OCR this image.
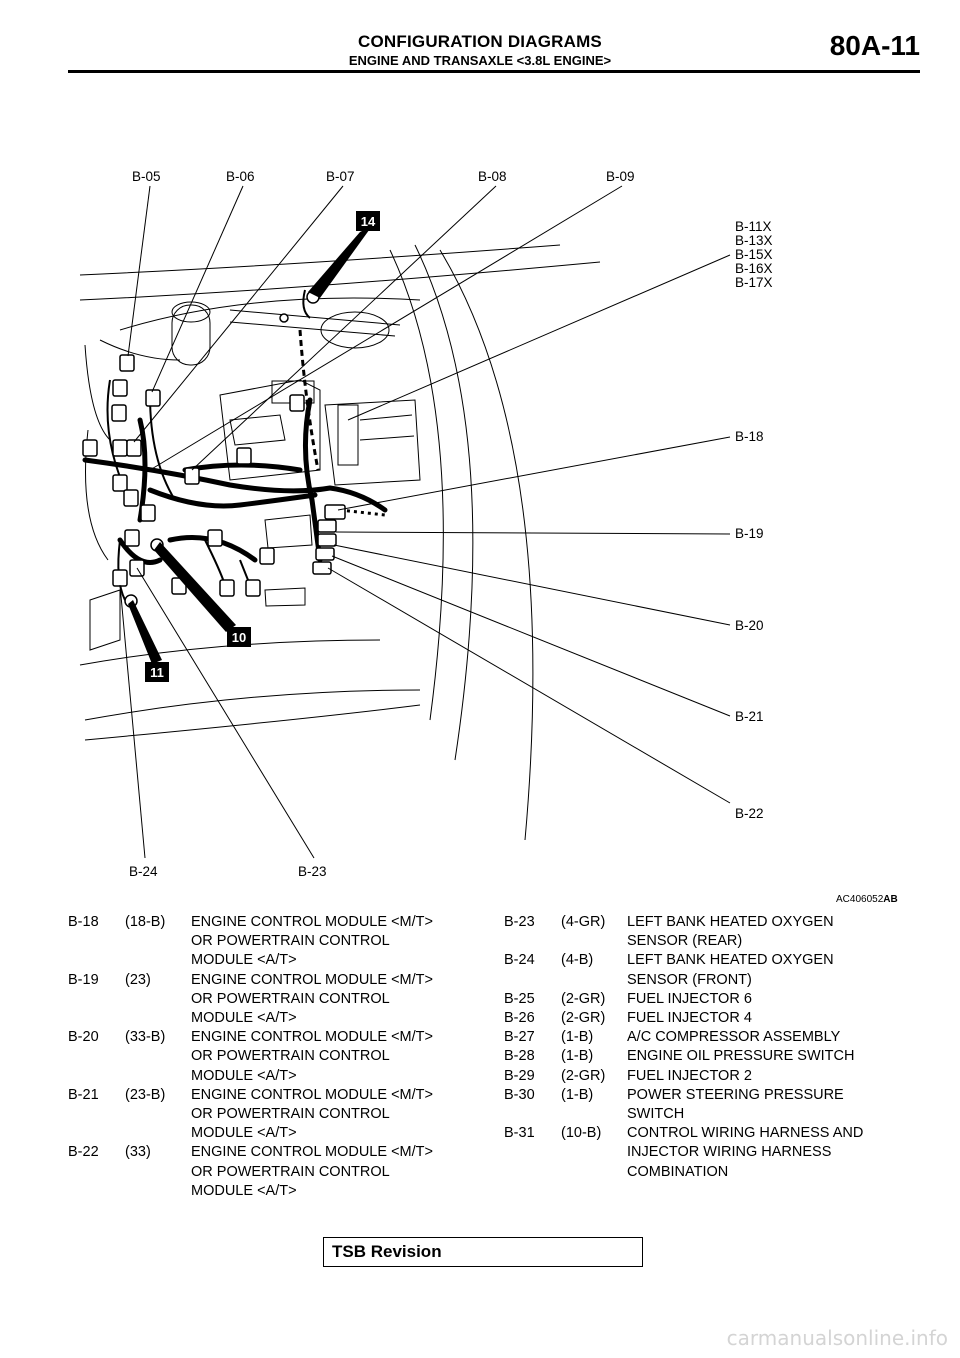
CONFIGURATION DIAGRAMS
ENGINE AND TRANSAXLE <3.8L ENGINE>	80A-11
B-05	B-06	B-07	B-08	B-09
B-11X
B-13X
B-15X
B-16X
B-17X
B-18
B-19
B-20
B-21
B-22
B-23
B-24
14
10
11
AC406052AB
B-18	(18-B)	ENGINE CONTROL MODULE <M/T>
OR POWERTRAIN CONTROL
MODULE <A/T>
B-19	(23)	ENGINE CONTROL MODULE <M/T>
OR POWERTRAIN CONTROL
MODULE <A/T>
B-20	(33-B)	ENGINE CONTROL MODULE <M/T>
OR POWERTRAIN CONTROL
MODULE <A/T>
B-21	(23-B)	ENGINE CONTROL MODULE <M/T>
OR POWERTRAIN CONTROL
MODULE <A/T>
B-22	(33)	ENGINE CONTROL MODULE <M/T>
OR POWERTRAIN CONTROL
MODULE <A/T>
B-23	(4-GR)	LEFT BANK HEATED OXYGEN
SENSOR (REAR)
B-24	(4-B)	LEFT BANK HEATED OXYGEN
SENSOR (FRONT)
B-25	(2-GR)	FUEL INJECTOR 6
B-26	(2-GR)	FUEL INJECTOR 4
B-27	(1-B)	A/C COMPRESSOR ASSEMBLY
B-28	(1-B)	ENGINE OIL PRESSURE SWITCH
B-29	(2-GR)	FUEL INJECTOR 2
B-30	(1-B)	POWER STEERING PRESSURE
SWITCH
B-31	(10-B)	CONTROL WIRING HARNESS AND
INJECTOR WIRING HARNESS
COMBINATION
TSB Revision
carmanualsonline.info
